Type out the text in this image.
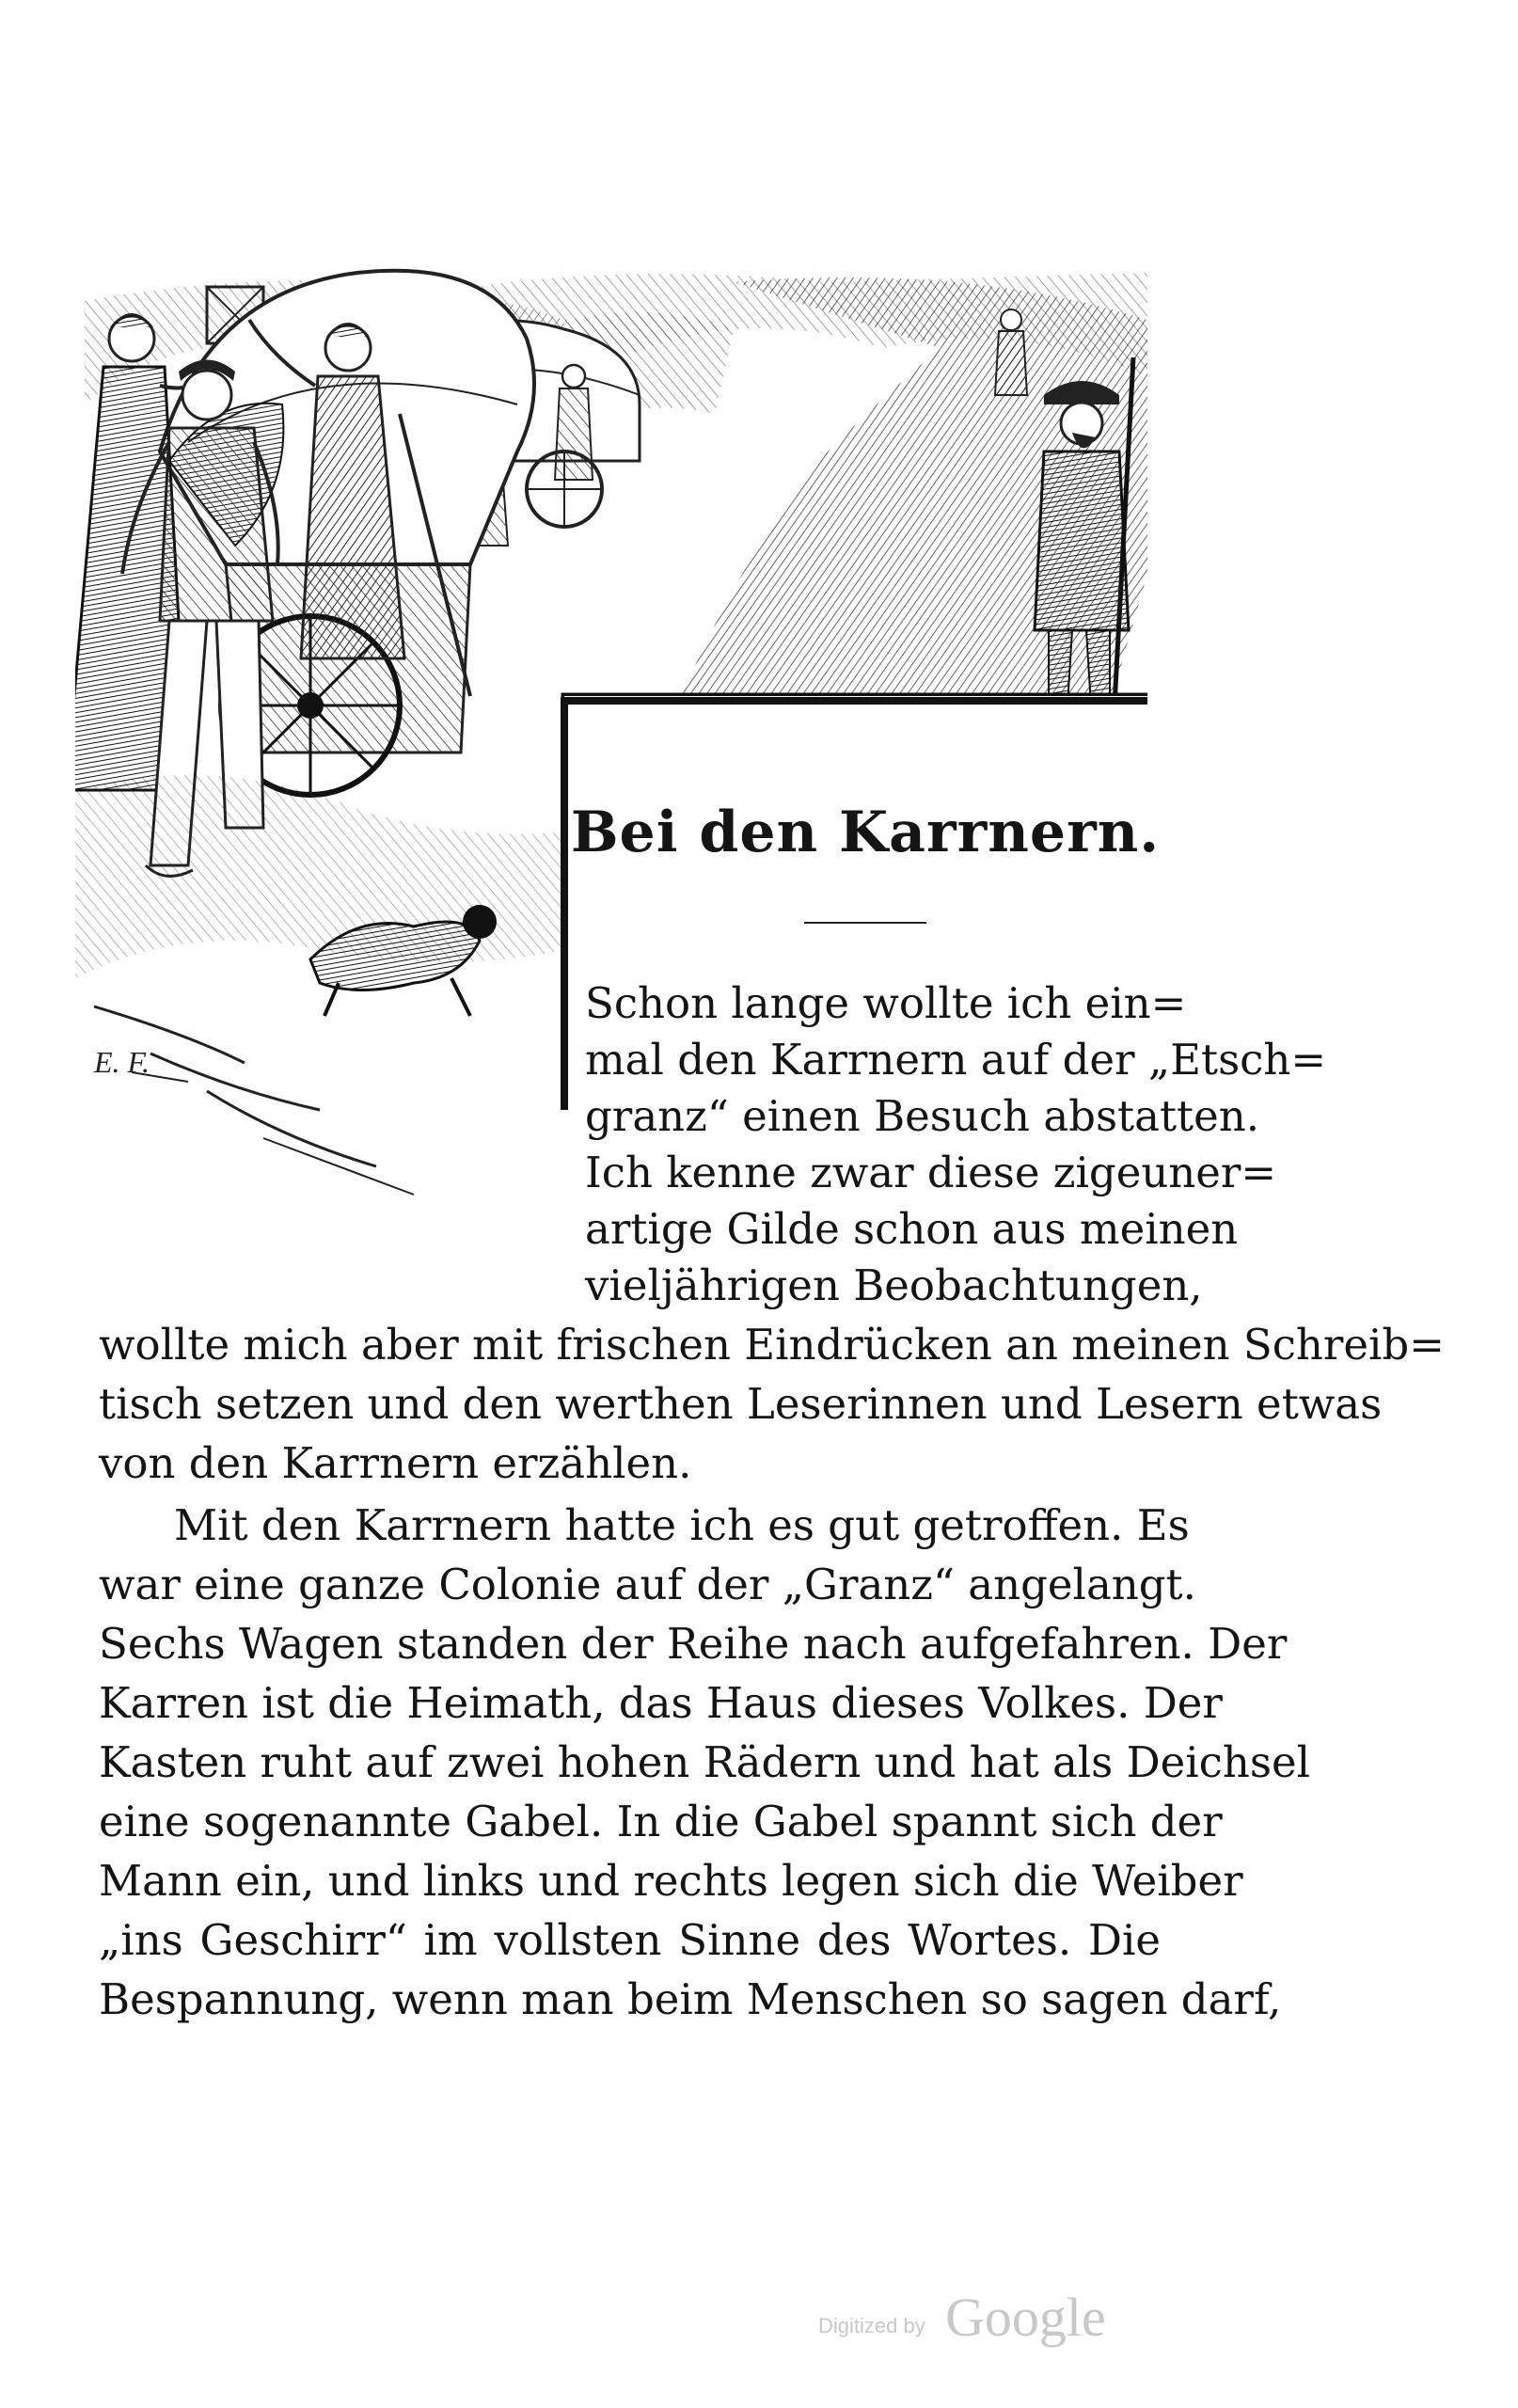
E. F.
Bei den Karrnern.
Schon lange wollte ich ein=
mal den Karrnern auf der „Etsch=
granz“ einen Besuch abstatten.
Ich kenne zwar diese zigeuner=
artige Gilde schon aus meinen
vieljährigen Beobachtungen,
wollte mich aber mit frischen Eindrücken an meinen Schreib=
tisch setzen und den werthen Leserinnen und Lesern etwas
von den Karrnern erzählen.
Mit den Karrnern hatte ich es gut getroffen. Es
war eine ganze Colonie auf der „Granz“ angelangt.
Sechs Wagen standen der Reihe nach aufgefahren. Der
Karren ist die Heimath, das Haus dieses Volkes. Der
Kasten ruht auf zwei hohen Rädern und hat als Deichsel
eine sogenannte Gabel. In die Gabel spannt sich der
Mann ein, und links und rechts legen sich die Weiber
„ins Geschirr“ im vollsten Sinne des Wortes. Die
Bespannung, wenn man beim Menschen so sagen darf,
Digitized by Google
